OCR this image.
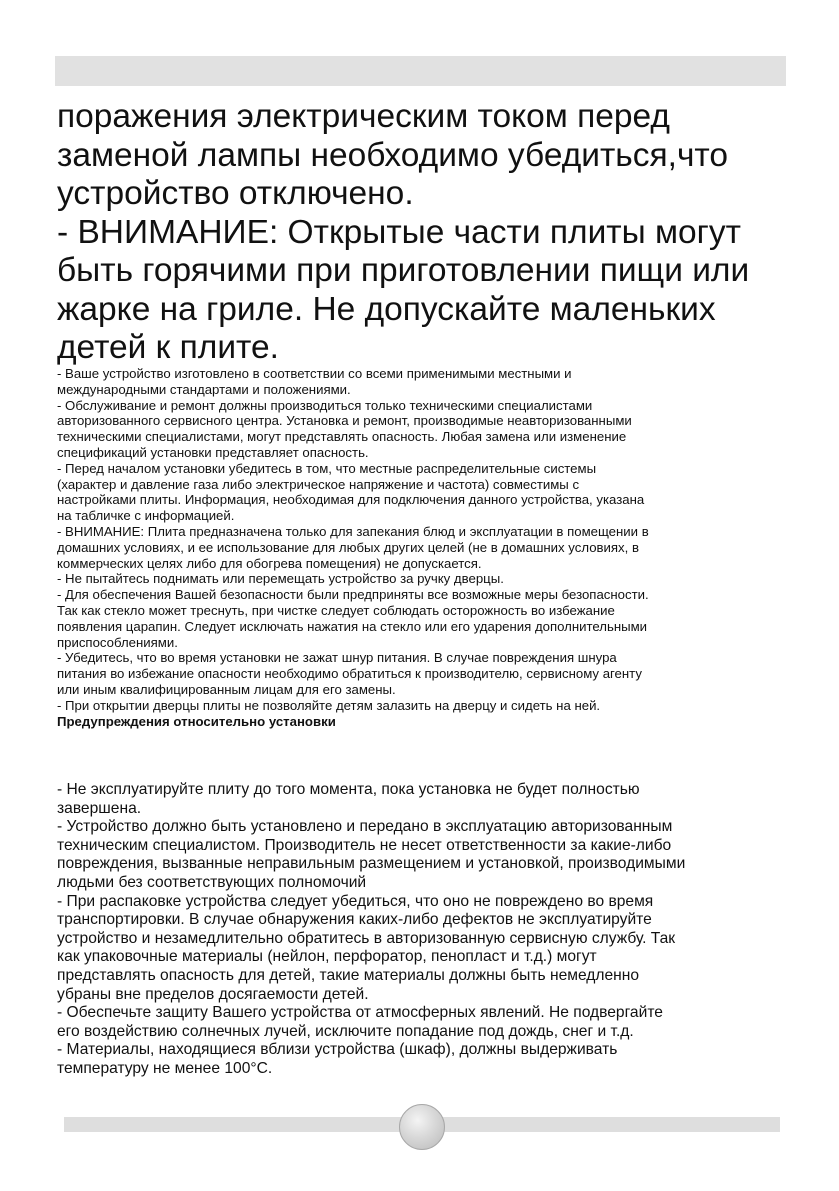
поражения электрическим током перед
заменой лампы необходимо убедиться,что
устройство отключено.
- ВНИМАНИЕ: Открытые части плиты могут
быть горячими при приготовлении пищи или
жарке на гриле. Не допускайте маленьких
детей к плите.
- Ваше устройство изготовлено в соответствии со всеми применимыми местными и
международными стандартами и положениями.
- Обслуживание и ремонт должны производиться только техническими специалистами
авторизованного сервисного центра. Установка и ремонт, производимые неавторизованными
техническими специалистами, могут представлять опасность. Любая замена или изменение
спецификаций установки представляет опасность.
- Перед началом установки убедитесь в том, что местные распределительные системы
(характер и давление газа либо электрическое напряжение и частота) совместимы с
настройками плиты. Информация, необходимая для подключения данного устройства, указана
на табличке с информацией.
- ВНИМАНИЕ: Плита предназначена только для запекания блюд и эксплуатации в помещении в
домашних условиях, и ее использование для любых других целей (не в домашних условиях, в
коммерческих целях либо для обогрева помещения) не допускается.
- Не пытайтесь поднимать или перемещать устройство за ручку дверцы.
- Для обеспечения Вашей безопасности были предприняты все возможные меры безопасности.
Так как стекло может треснуть, при чистке следует соблюдать осторожность во избежание
появления царапин. Следует исключать нажатия на стекло или его ударения дополнительными
приспособлениями.
- Убедитесь, что во время установки не зажат шнур питания. В случае повреждения шнура
питания во избежание опасности необходимо обратиться к производителю, сервисному агенту
или иным квалифицированным лицам для его замены.
- При открытии дверцы плиты не позволяйте детям залазить на дверцу и сидеть на ней.
Предупреждения относительно установки
- Не эксплуатируйте плиту до того момента, пока установка не будет полностью
завершена.
- Устройство должно быть установлено и передано в эксплуатацию авторизованным
техническим специалистом. Производитель не несет ответственности за какие-либо
повреждения, вызванные неправильным размещением и установкой, производимыми
людьми без соответствующих полномочий
- При распаковке устройства следует убедиться, что оно не повреждено во время
транспортировки. В случае обнаружения каких-либо дефектов не эксплуатируйте
устройство и незамедлительно обратитесь в авторизованную сервисную службу. Так
как упаковочные материалы (нейлон, перфоратор, пенопласт и т.д.) могут
представлять опасность для детей, такие материалы должны быть немедленно
убраны вне пределов досягаемости детей.
- Обеспечьте защиту Вашего устройства от атмосферных явлений. Не подвергайте
его воздействию солнечных лучей, исключите попадание под дождь, снег и т.д.
- Материалы, находящиеся вблизи устройства (шкаф), должны выдерживать
температуру не менее 100°C.
